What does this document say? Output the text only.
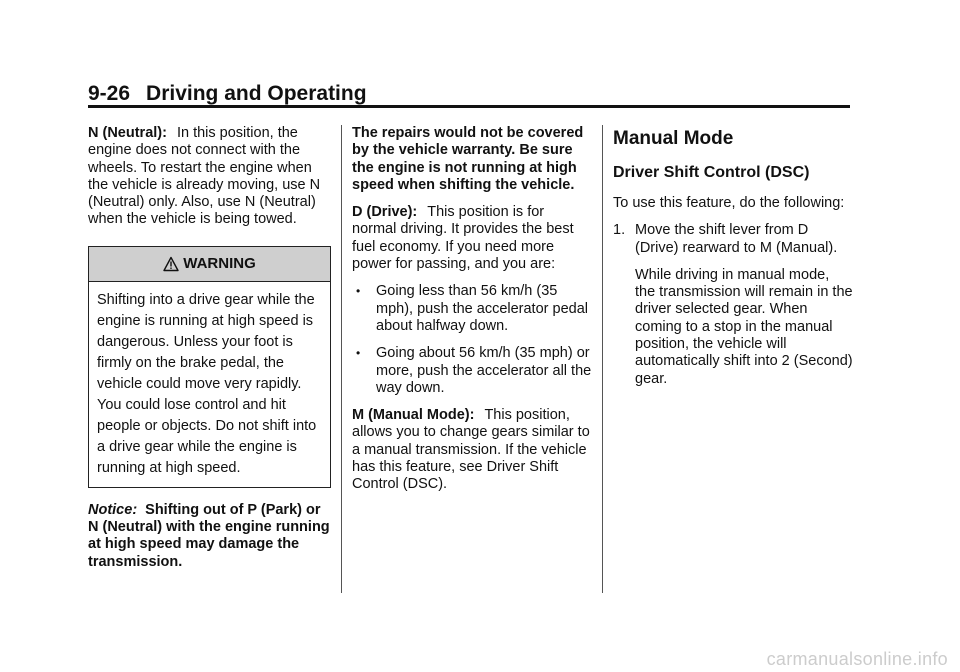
9-26 Driving and Operating

N (Neutral): In this position, the engine does not connect with the wheels. To restart the engine when the vehicle is already moving, use N (Neutral) only. Also, use N (Neutral) when the vehicle is being towed.

WARNING
Shifting into a drive gear while the engine is running at high speed is dangerous. Unless your foot is firmly on the brake pedal, the vehicle could move very rapidly. You could lose control and hit people or objects. Do not shift into a drive gear while the engine is running at high speed.

Notice: Shifting out of P (Park) or N (Neutral) with the engine running at high speed may damage the transmission.

The repairs would not be covered by the vehicle warranty. Be sure the engine is not running at high speed when shifting the vehicle.

D (Drive): This position is for normal driving. It provides the best fuel economy. If you need more power for passing, and you are:

• Going less than 56 km/h (35 mph), push the accelerator pedal about halfway down.
• Going about 56 km/h (35 mph) or more, push the accelerator all the way down.

M (Manual Mode): This position, allows you to change gears similar to a manual transmission. If the vehicle has this feature, see Driver Shift Control (DSC).

Manual Mode
Driver Shift Control (DSC)

To use this feature, do the following:

1. Move the shift lever from D (Drive) rearward to M (Manual).

While driving in manual mode, the transmission will remain in the driver selected gear. When coming to a stop in the manual position, the vehicle will automatically shift into 2 (Second) gear.

carmanualsonline.info
